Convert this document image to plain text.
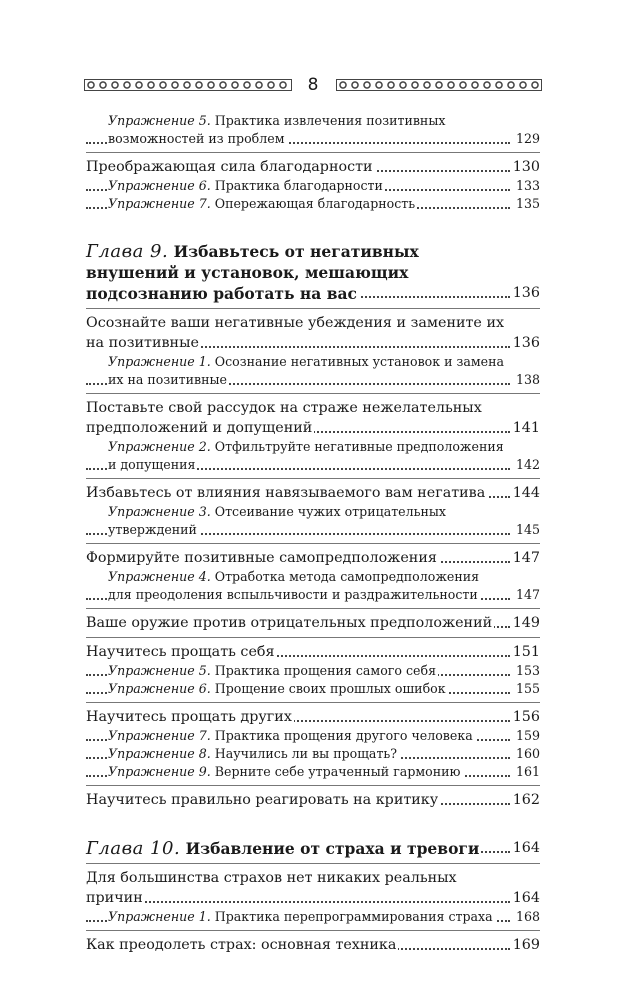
8
Упражнение 5. Практика извлечения позитивных возможностей из проблем	129
Преображающая сила благодарности	130
Упражнение 6. Практика благодарности	133
Упражнение 7. Опережающая благодарность	135
Глава 9. Избавьтесь от негативных внушений и установок, мешающих подсознанию работать на вас	136
Осознайте ваши негативные убеждения и замените их на позитивные	136
Упражнение 1. Осознание негативных установок и замена их на позитивные	138
Поставьте свой рассудок на страже нежелательных предположений и допущений	141
Упражнение 2. Отфильтруйте негативные предположения и допущения	142
Избавьтесь от влияния навязываемого вам негатива 144
Упражнение 3. Отсеивание чужих отрицательных утверждений	145
Формируйте позитивные самопредположения	147
Упражнение 4. Отработка метода самопредположения для преодоления вспыльчивости и раздражительности	147
Ваше оружие против отрицательных предположений 149
Научитесь прощать себя	151
Упражнение 5. Практика прощения самого себя	153
Упражнение 6. Прощение своих прошлых ошибок	155
Научитесь прощать других	156
Упражнение 7. Практика прощения другого человека	159
Упражнение 8. Научились ли вы прощать?	160
Упражнение 9. Верните себе утраченный гармонию	161
Научитесь правильно реагировать на критику	162
Глава 10. Избавление от страха и тревоги 164
Для большинства страхов нет никаких реальных причин	164
Упражнение 1. Практика перепрограммирования страха 168
Как преодолеть страх: основная техника	169
